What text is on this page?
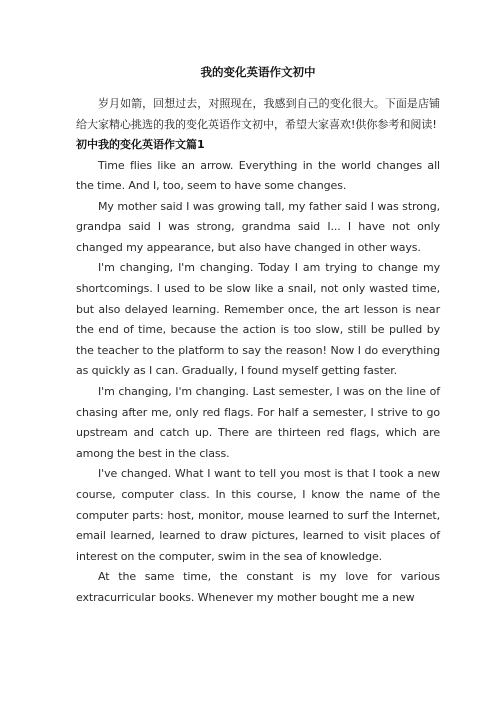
我的变化英语作文初中

岁月如箭，回想过去，对照现在，我感到自己的变化很大。下面是店铺给大家精心挑选的我的变化英语作文初中，希望大家喜欢!供你参考和阅读!

初中我的变化英语作文篇1

Time flies like an arrow. Everything in the world changes all the time. And I, too, seem to have some changes.

My mother said I was growing tall, my father said I was strong, grandpa said I was strong, grandma said I... I have not only changed my appearance, but also have changed in other ways.

I'm changing, I'm changing. Today I am trying to change my shortcomings. I used to be slow like a snail, not only wasted time, but also delayed learning. Remember once, the art lesson is near the end of time, because the action is too slow, still be pulled by the teacher to the platform to say the reason! Now I do everything as quickly as I can. Gradually, I found myself getting faster.

I'm changing, I'm changing. Last semester, I was on the line of chasing after me, only red flags. For half a semester, I strive to go upstream and catch up. There are thirteen red flags, which are among the best in the class.

I've changed. What I want to tell you most is that I took a new course, computer class. In this course, I know the name of the computer parts: host, monitor, mouse learned to surf the Internet, email learned, learned to draw pictures, learned to visit places of interest on the computer, swim in the sea of knowledge.

At the same time, the constant is my love for various extracurricular books. Whenever my mother bought me a new
